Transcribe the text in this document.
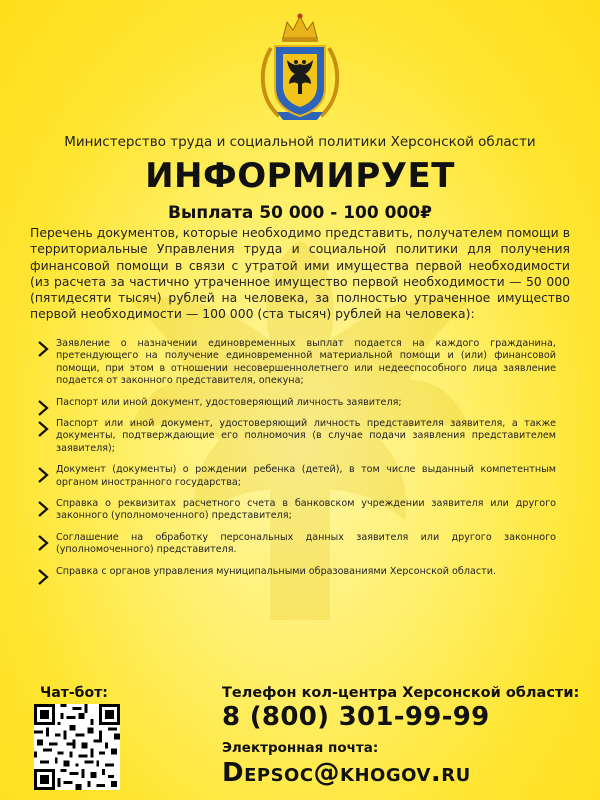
Министерство труда и социальной политики Херсонской области
ИНФОРМИРУЕТ
Выплата 50 000 - 100 000₽

Перечень документов, которые необходимо представить, получателем помощи в территориальные Управления труда и социальной политики для получения финансовой помощи в связи с утратой ими имущества первой необходимости (из расчета за частично утраченное имущество первой необходимости — 50 000 (пятидесяти тысяч) рублей на человека, за полностью утраченное имущество первой необходимости — 100 000 (ста тысяч) рублей на человека):

Заявление о назначении единовременных выплат подается на каждого гражданина, претендующего на получение единовременной материальной помощи и (или) финансовой помощи, при этом в отношении несовершеннолетнего или недееспособного лица заявление подается от законного представителя, опекуна;
Паспорт или иной документ, удостоверяющий личность заявителя;
Паспорт или иной документ, удостоверяющий личность представителя заявителя, а также документы, подтверждающие его полномочия (в случае подачи заявления представителем заявителя);
Документ (документы) о рождении ребенка (детей), в том числе выданный компетентным органом иностранного государства;
Справка о реквизитах расчетного счета в банковском учреждении заявителя или другого законного (уполномоченного) представителя;
Соглашение на обработку персональных данных заявителя или другого законного (уполномоченного) представителя.
Справка с органов управления муниципальными образованиями Херсонской области.
Чат-бот:	Телефон кол-центра Херсонской области:
8 (800) 301-99-99
Электронная почта:
Depsoc@khogov.ru
